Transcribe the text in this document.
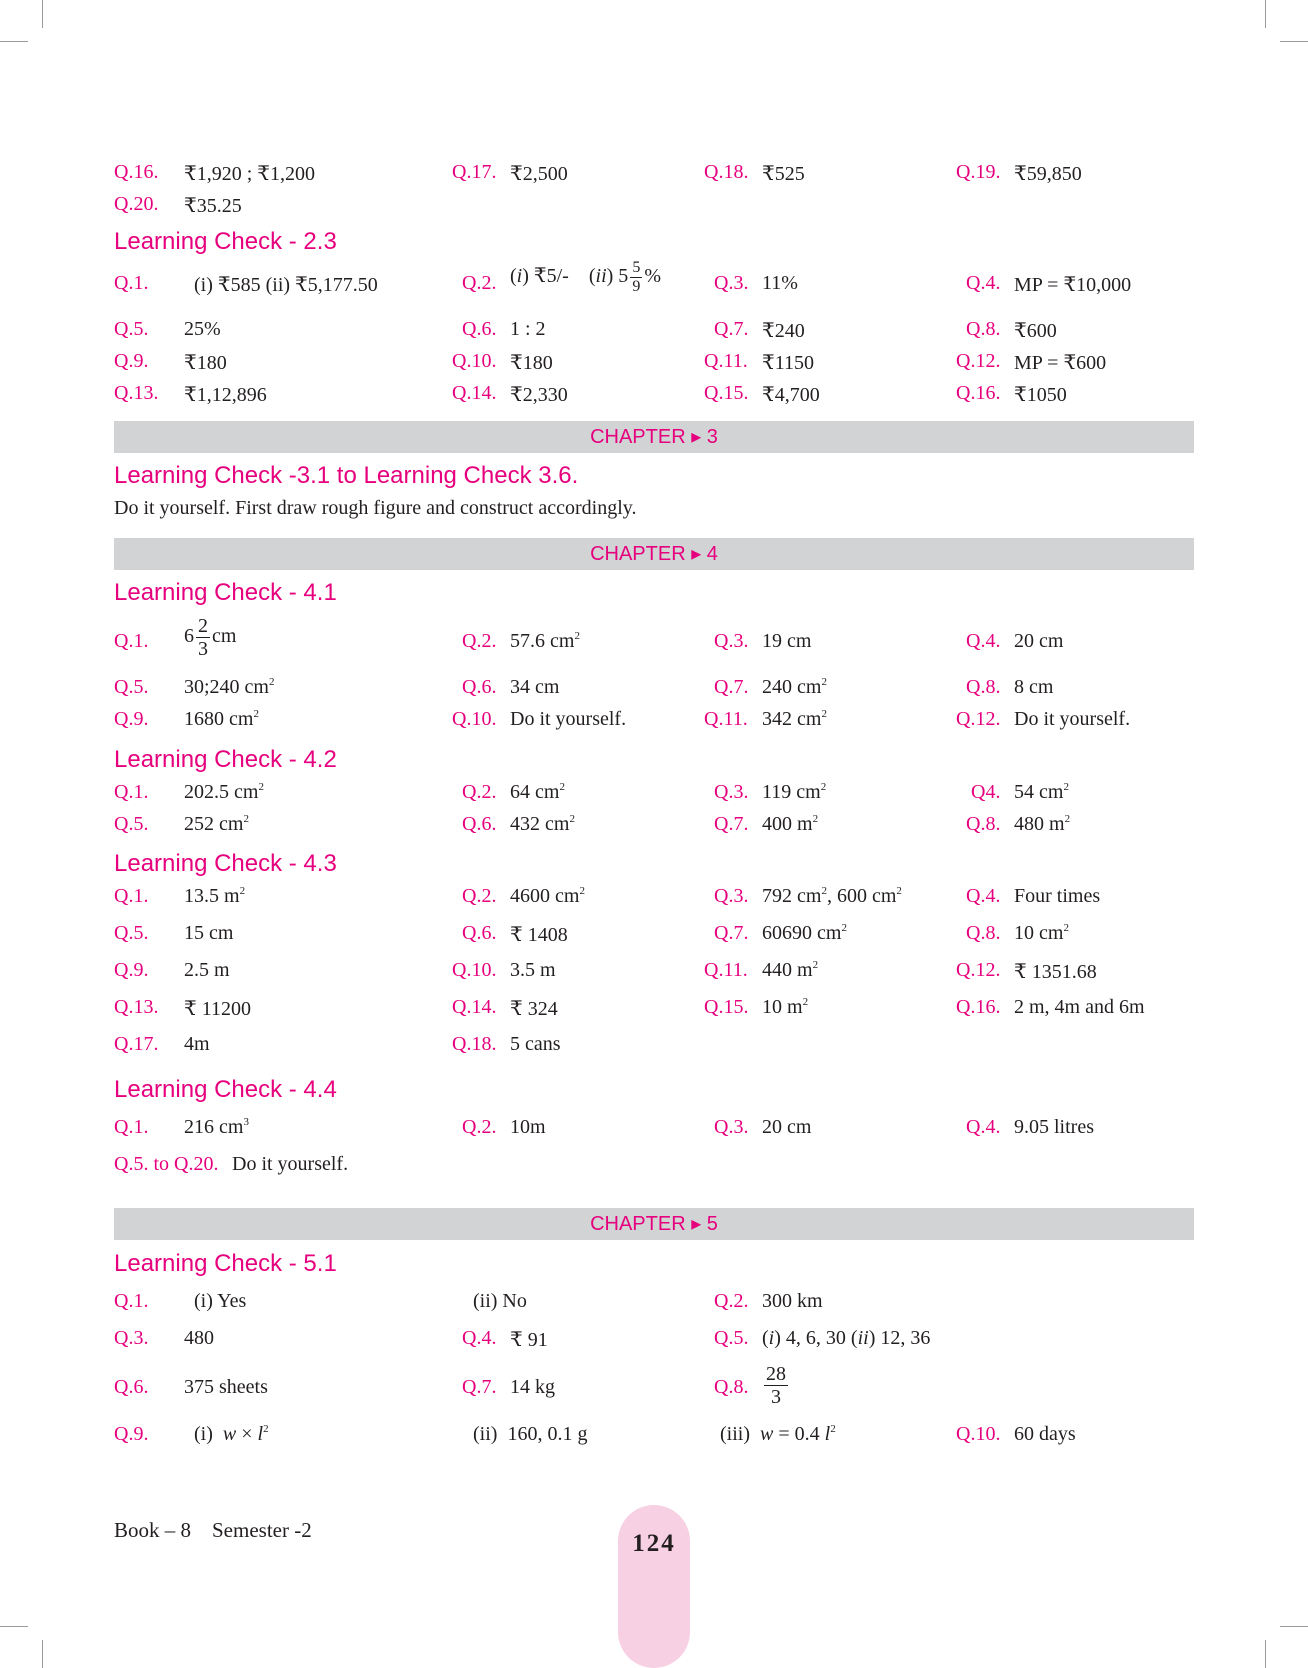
Q.16. ₹1,920 ; ₹1,200	Q.17. ₹2,500	Q.18. ₹525	Q.19. ₹59,850
Q.20. ₹35.25
Learning Check - 2.3
Q.1. (i) ₹585 (ii) ₹5,177.50	Q.2. (i) ₹5/- (ii) $5 \frac{5}{9}$ %	Q.3. 11%	Q.4. MP = ₹10,000
Q.5. 25%	Q.6. 1 : 2	Q.7. ₹240	Q.8. ₹600
Q.9. ₹180	Q.10. ₹180	Q.11. ₹1150	Q.12. MP = ₹600
Q.13. ₹1,12,896	Q.14. ₹2,330	Q.15. ₹4,700	Q.16. ₹1050
CHAPTER ▸ 3
Learning Check -3.1 to Learning Check 3.6.
Do it yourself. First draw rough figure and construct accordingly.
CHAPTER ▸ 4
Learning Check - 4.1
Q.1. $6 \frac{2}{3}$ cm	Q.2. 57.6 $cm^2$	Q.3. 19 cm	Q.4. 20 cm
Q.5. 30;240 $cm^2$	Q.6. 34 cm	Q.7. 240 $cm^2$	Q.8. 8 cm
Q.9. 1680 $cm^2$	Q.10. Do it yourself.	Q.11. 342 $cm^2$	Q.12. Do it yourself.
Learning Check - 4.2
Q.1. 202.5 $cm^2$	Q.2. 64 $cm^2$	Q.3. 119 $cm^2$	Q4. 54 $cm^2$
Q.5. 252 $cm^2$	Q.6. 432 $cm^2$	Q.7. 400 $m^2$	Q.8. 480 $m^2$
Learning Check - 4.3
Q.1. 13.5 $m^2$	Q.2. 4600 $cm^2$	Q.3. 792 $cm^2$, 600 $cm^2$	Q.4. Four times
Q.5. 15 cm	Q.6. ₹ 1408	Q.7. 60690 $cm^2$	Q.8. 10 $cm^2$
Q.9. 2.5 m	Q.10. 3.5 m	Q.11. 440 $m^2$	Q.12. ₹ 1351.68
Q.13. ₹ 11200	Q.14. ₹ 324	Q.15. 10 $m^2$	Q.16. 2 m, 4m and 6m
Q.17. 4m	Q.18. 5 cans
Learning Check - 4.4
Q.1. 216 $cm^3$	Q.2. 10m	Q.3. 20 cm	Q.4. 9.05 litres
Q.5. to Q.20. Do it yourself.
CHAPTER ▸ 5
Learning Check - 5.1
Q.1. (i) Yes	(ii) No	Q.2. 300 km
Q.3. 480	Q.4. ₹ 91	Q.5. (i) 4, 6, 30 (ii) 12, 36
Q.6. 375 sheets	Q.7. 14 kg	Q.8. $\frac{28}{3}$
Q.9. (i) $w \times l^2$	(ii) 160, 0.1 g	(iii) w = 0.4 $l^2$	Q.10. 60 days
Book – 8    Semester -2	124
